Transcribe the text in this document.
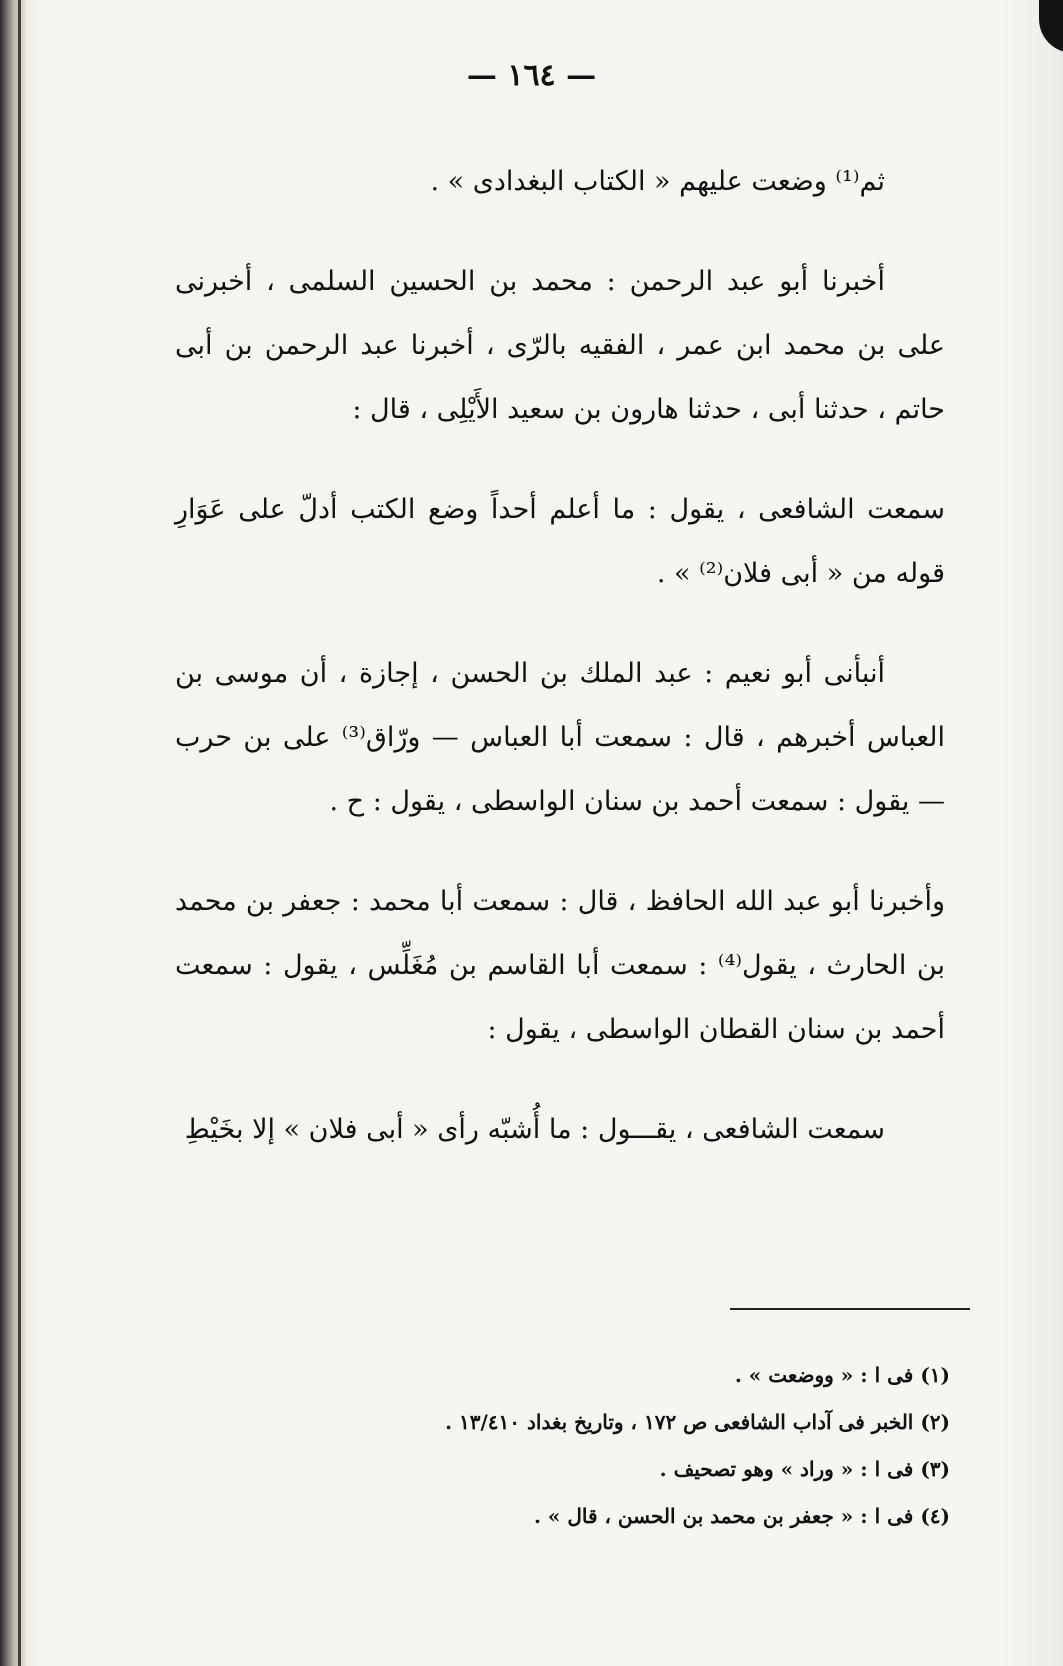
— ١٦٤ —

ثم⁽¹⁾ وضعت عليهم « الكتاب البغدادى » .

أخبرنا أبو عبد الرحمن : محمد بن الحسين السلمى ، أخبرنى على بن محمد ابن عمر ، الفقيه بالرّى ، أخبرنا عبد الرحمن بن أبى حاتم ، حدثنا أبى ، حدثنا هارون بن سعيد الأَيْلِى ، قال :

سمعت الشافعى ، يقول : ما أعلم أحداً وضع الكتب أدلّ على عَوَارِ قوله من « أبى فلان⁽²⁾ » .

أنبأنى أبو نعيم : عبد الملك بن الحسن ، إجازة ، أن موسى بن العباس أخبرهم ، قال : سمعت أبا العباس — ورّاق⁽³⁾ على بن حرب — يقول : سمعت أحمد بن سنان الواسطى ، يقول : ح .

وأخبرنا أبو عبد الله الحافظ ، قال : سمعت أبا محمد : جعفر بن محمد بن الحارث ، يقول⁽⁴⁾ : سمعت أبا القاسم بن مُغَلِّس ، يقول : سمعت أحمد بن سنان القطان الواسطى ، يقول :

سمعت الشافعى ، يقـــول : ما أُشبّه رأى « أبى فلان » إلا بخَيْطِ

(١) فى ا : « ووضعت » .
(٢) الخبر فى آداب الشافعى ص ١٧٢ ، وتاريخ بغداد ١٣/٤١٠ .
(٣) فى ا : « وراد » وهو تصحيف .
(٤) فى ا : « جعفر بن محمد بن الحسن ، قال » .
